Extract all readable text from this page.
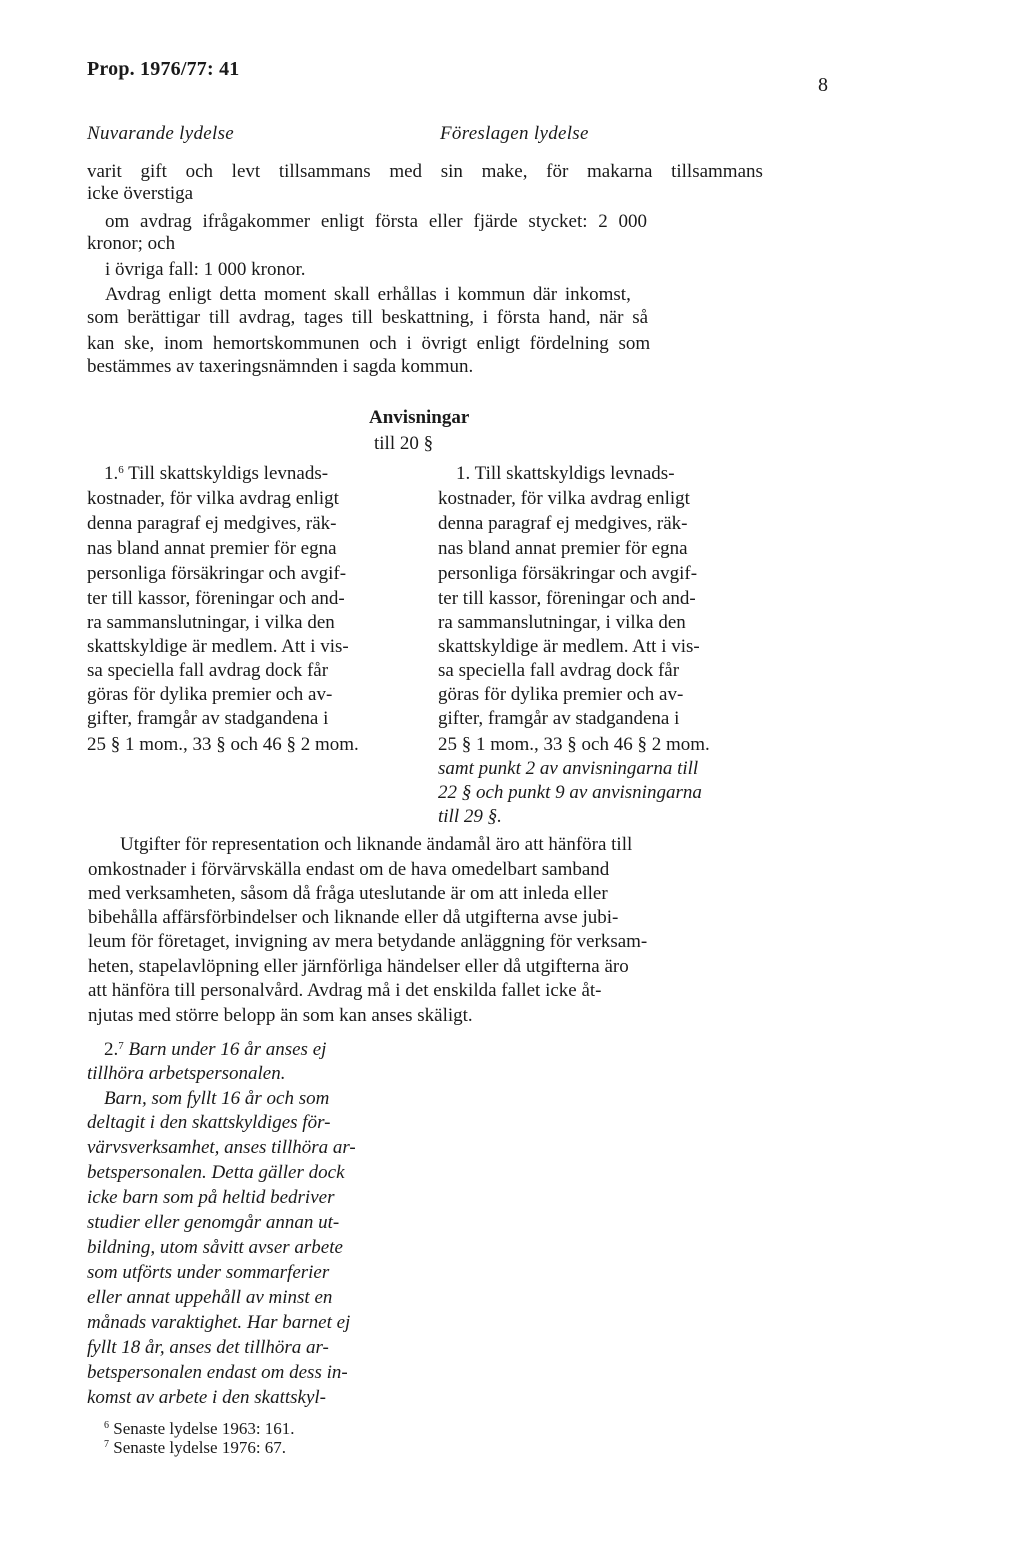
Prop. 1976/77: 41
8
Nuvarande lydelse	Föreslagen lydelse
varit gift och levt tillsammans med sin make, för makarna tillsammans
icke överstiga
om avdrag ifrågakommer enligt första eller fjärde stycket: 2 000
kronor; och
i övriga fall: 1 000 kronor.
Avdrag enligt detta moment skall erhållas i kommun där inkomst,
som berättigar till avdrag, tages till beskattning, i första hand, när så
kan ske, inom hemortskommunen och i övrigt enligt fördelning som
bestämmes av taxeringsnämnden i sagda kommun.
Anvisningar
till 20 §
1.$^6$ Till skattskyldigs levnads-
kostnader, för vilka avdrag enligt
denna paragraf ej medgives, räk-
nas bland annat premier för egna
personliga försäkringar och avgif-
ter till kassor, föreningar och and-
ra sammanslutningar, i vilka den
skattskyldige är medlem. Att i vis-
sa speciella fall avdrag dock får
göras för dylika premier och av-
gifter, framgår av stadgandena i
25 § 1 mom., 33 § och 46 § 2 mom.
1. Till skattskyldigs levnads-
kostnader, för vilka avdrag enligt
denna paragraf ej medgives, räk-
nas bland annat premier för egna
personliga försäkringar och avgif-
ter till kassor, föreningar och and-
ra sammanslutningar, i vilka den
skattskyldige är medlem. Att i vis-
sa speciella fall avdrag dock får
göras för dylika premier och av-
gifter, framgår av stadgandena i
25 § 1 mom., 33 § och 46 § 2 mom.
samt punkt 2 av anvisningarna till
22 § och punkt 9 av anvisningarna
till 29 §.
Utgifter för representation och liknande ändamål äro att hänföra till
omkostnader i förvärvskälla endast om de hava omedelbart samband
med verksamheten, såsom då fråga uteslutande är om att inleda eller
bibehålla affärsförbindelser och liknande eller då utgifterna avse jubi-
leum för företaget, invigning av mera betydande anläggning för verksam-
heten, stapelavlöpning eller järnförliga händelser eller då utgifterna äro
att hänföra till personalvård. Avdrag må i det enskilda fallet icke åt-
njutas med större belopp än som kan anses skäligt.
2.$^7$ Barn under 16 år anses ej
tillhöra arbetspersonalen.
Barn, som fyllt 16 år och som
deltagit i den skattskyldiges för-
värvsverksamhet, anses tillhöra ar-
betspersonalen. Detta gäller dock
icke barn som på heltid bedriver
studier eller genomgår annan ut-
bildning, utom såvitt avser arbete
som utförts under sommarferier
eller annat uppehåll av minst en
månads varaktighet. Har barnet ej
fyllt 18 år, anses det tillhöra ar-
betspersonalen endast om dess in-
komst av arbete i den skattskyl-
$^6$ Senaste lydelse 1963: 161.
$^7$ Senaste lydelse 1976: 67.
